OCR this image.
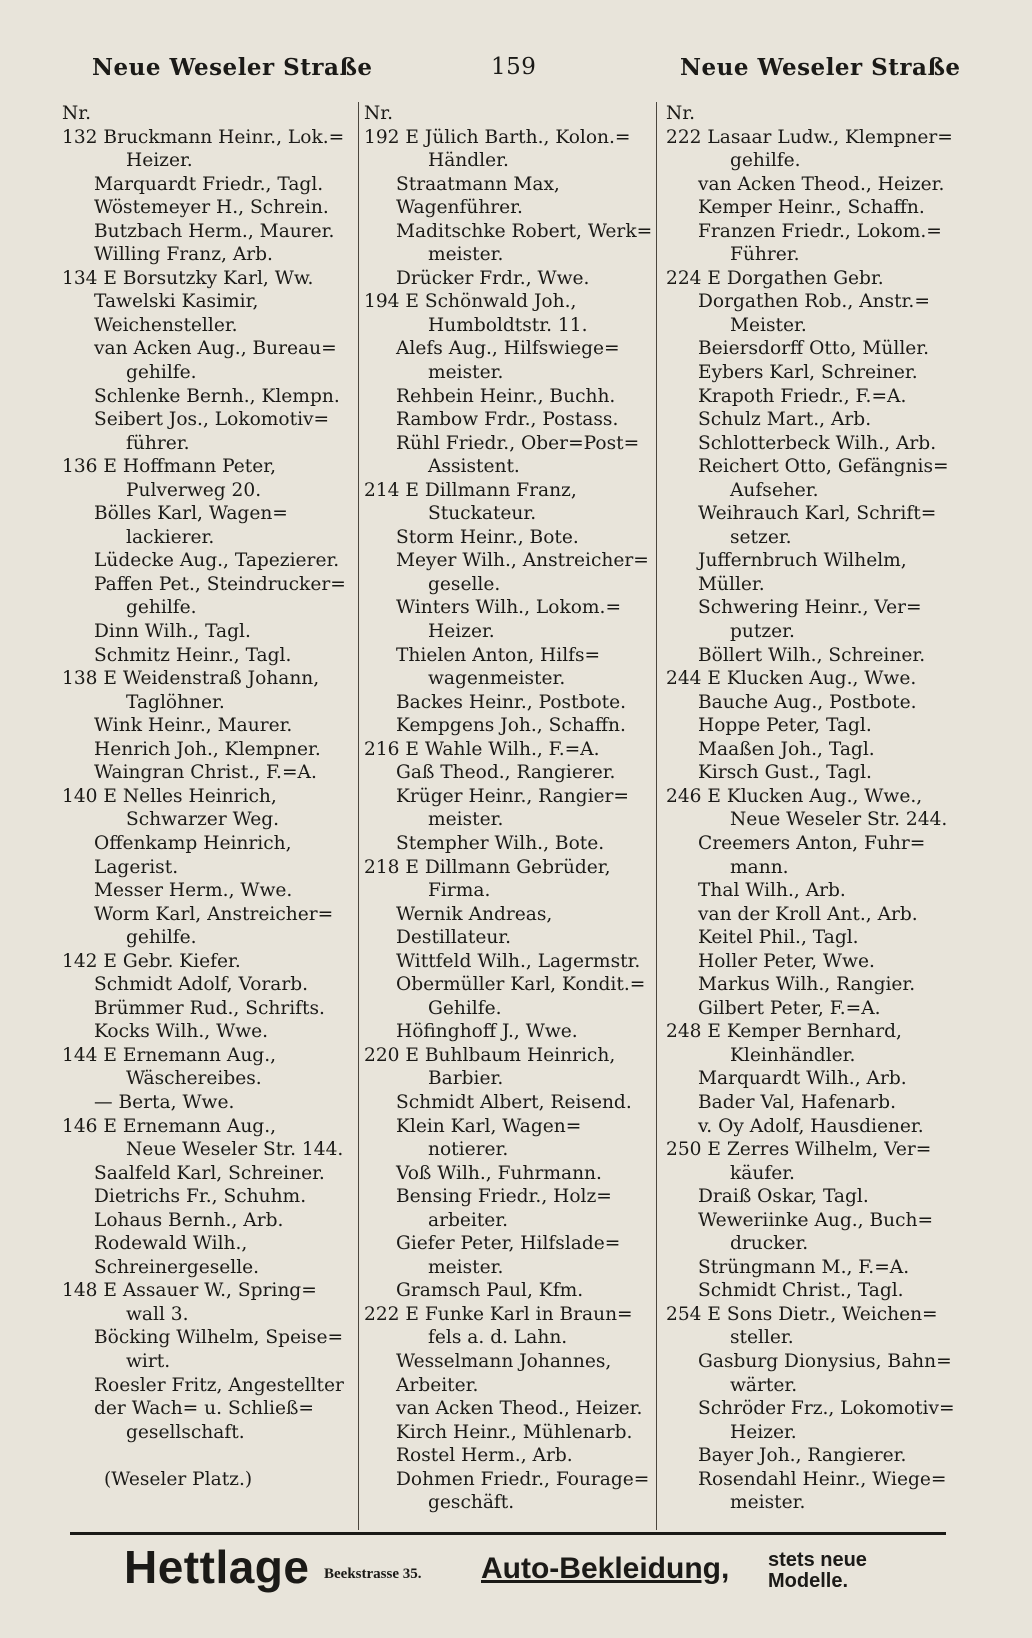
Neue Weseler Straße	159	Neue Weseler Straße
Nr.
132 Bruckmann Heinr., Lok.=
Heizer.
Marquardt Friedr., Tagl.
Wöstemeyer H., Schrein.
Butzbach Herm., Maurer.
Willing Franz, Arb.
134 E Borsutzky Karl, Ww.
Tawelski Kasimir,
Weichensteller.
van Acken Aug., Bureau=
gehilfe.
Schlenke Bernh., Klempn.
Seibert Jos., Lokomotiv=
führer.
136 E Hoffmann Peter,
Pulverweg 20.
Bölles Karl, Wagen=
lackierer.
Lüdecke Aug., Tapezierer.
Paffen Pet., Steindrucker=
gehilfe.
Dinn Wilh., Tagl.
Schmitz Heinr., Tagl.
138 E Weidenstraß Johann,
Taglöhner.
Wink Heinr., Maurer.
Henrich Joh., Klempner.
Waingran Christ., F.=A.
140 E Nelles Heinrich,
Schwarzer Weg.
Offenkamp Heinrich,
Lagerist.
Messer Herm., Wwe.
Worm Karl, Anstreicher=
gehilfe.
142 E Gebr. Kiefer.
Schmidt Adolf, Vorarb.
Brümmer Rud., Schrifts.
Kocks Wilh., Wwe.
144 E Ernemann Aug.,
Wäschereibes.
— Berta, Wwe.
146 E Ernemann Aug.,
Neue Weseler Str. 144.
Saalfeld Karl, Schreiner.
Dietrichs Fr., Schuhm.
Lohaus Bernh., Arb.
Rodewald Wilh.,
Schreinergeselle.
148 E Assauer W., Spring=
wall 3.
Böcking Wilhelm, Speise=
wirt.
Roesler Fritz, Angestellter
der Wach= u. Schließ=
gesellschaft.
(Weseler Platz.)
Nr.
192 E Jülich Barth., Kolon.=
Händler.
Straatmann Max,
Wagenführer.
Maditschke Robert, Werk=
meister.
Drücker Frdr., Wwe.
194 E Schönwald Joh.,
Humboldtstr. 11.
Alefs Aug., Hilfswiege=
meister.
Rehbein Heinr., Buchh.
Rambow Frdr., Postass.
Rühl Friedr., Ober=Post=
Assistent.
214 E Dillmann Franz,
Stuckateur.
Storm Heinr., Bote.
Meyer Wilh., Anstreicher=
geselle.
Winters Wilh., Lokom.=
Heizer.
Thielen Anton, Hilfs=
wagenmeister.
Backes Heinr., Postbote.
Kempgens Joh., Schaffn.
216 E Wahle Wilh., F.=A.
Gaß Theod., Rangierer.
Krüger Heinr., Rangier=
meister.
Stempher Wilh., Bote.
218 E Dillmann Gebrüder,
Firma.
Wernik Andreas,
Destillateur.
Wittfeld Wilh., Lagermstr.
Obermüller Karl, Kondit.=
Gehilfe.
Höfinghoff J., Wwe.
220 E Buhlbaum Heinrich,
Barbier.
Schmidt Albert, Reisend.
Klein Karl, Wagen=
notierer.
Voß Wilh., Fuhrmann.
Bensing Friedr., Holz=
arbeiter.
Giefer Peter, Hilfslade=
meister.
Gramsch Paul, Kfm.
222 E Funke Karl in Braun=
fels a. d. Lahn.
Wesselmann Johannes,
Arbeiter.
van Acken Theod., Heizer.
Kirch Heinr., Mühlenarb.
Rostel Herm., Arb.
Dohmen Friedr., Fourage=
geschäft.
Nr.
222 Lasaar Ludw., Klempner=
gehilfe.
van Acken Theod., Heizer.
Kemper Heinr., Schaffn.
Franzen Friedr., Lokom.=
Führer.
224 E Dorgathen Gebr.
Dorgathen Rob., Anstr.=
Meister.
Beiersdorff Otto, Müller.
Eybers Karl, Schreiner.
Krapoth Friedr., F.=A.
Schulz Mart., Arb.
Schlotterbeck Wilh., Arb.
Reichert Otto, Gefängnis=
Aufseher.
Weihrauch Karl, Schrift=
setzer.
Juffernbruch Wilhelm,
Müller.
Schwering Heinr., Ver=
putzer.
Böllert Wilh., Schreiner.
244 E Klucken Aug., Wwe.
Bauche Aug., Postbote.
Hoppe Peter, Tagl.
Maaßen Joh., Tagl.
Kirsch Gust., Tagl.
246 E Klucken Aug., Wwe.,
Neue Weseler Str. 244.
Creemers Anton, Fuhr=
mann.
Thal Wilh., Arb.
van der Kroll Ant., Arb.
Keitel Phil., Tagl.
Holler Peter, Wwe.
Markus Wilh., Rangier.
Gilbert Peter, F.=A.
248 E Kemper Bernhard,
Kleinhändler.
Marquardt Wilh., Arb.
Bader Val, Hafenarb.
v. Oy Adolf, Hausdiener.
250 E Zerres Wilhelm, Ver=
käufer.
Draiß Oskar, Tagl.
Weweriinke Aug., Buch=
drucker.
Strüngmann M., F.=A.
Schmidt Christ., Tagl.
254 E Sons Dietr., Weichen=
steller.
Gasburg Dionysius, Bahn=
wärter.
Schröder Frz., Lokomotiv=
Heizer.
Bayer Joh., Rangierer.
Rosendahl Heinr., Wiege=
meister.
Hettlage Beekstrasse 35. Auto-Bekleidung, stets neue
Modelle.
